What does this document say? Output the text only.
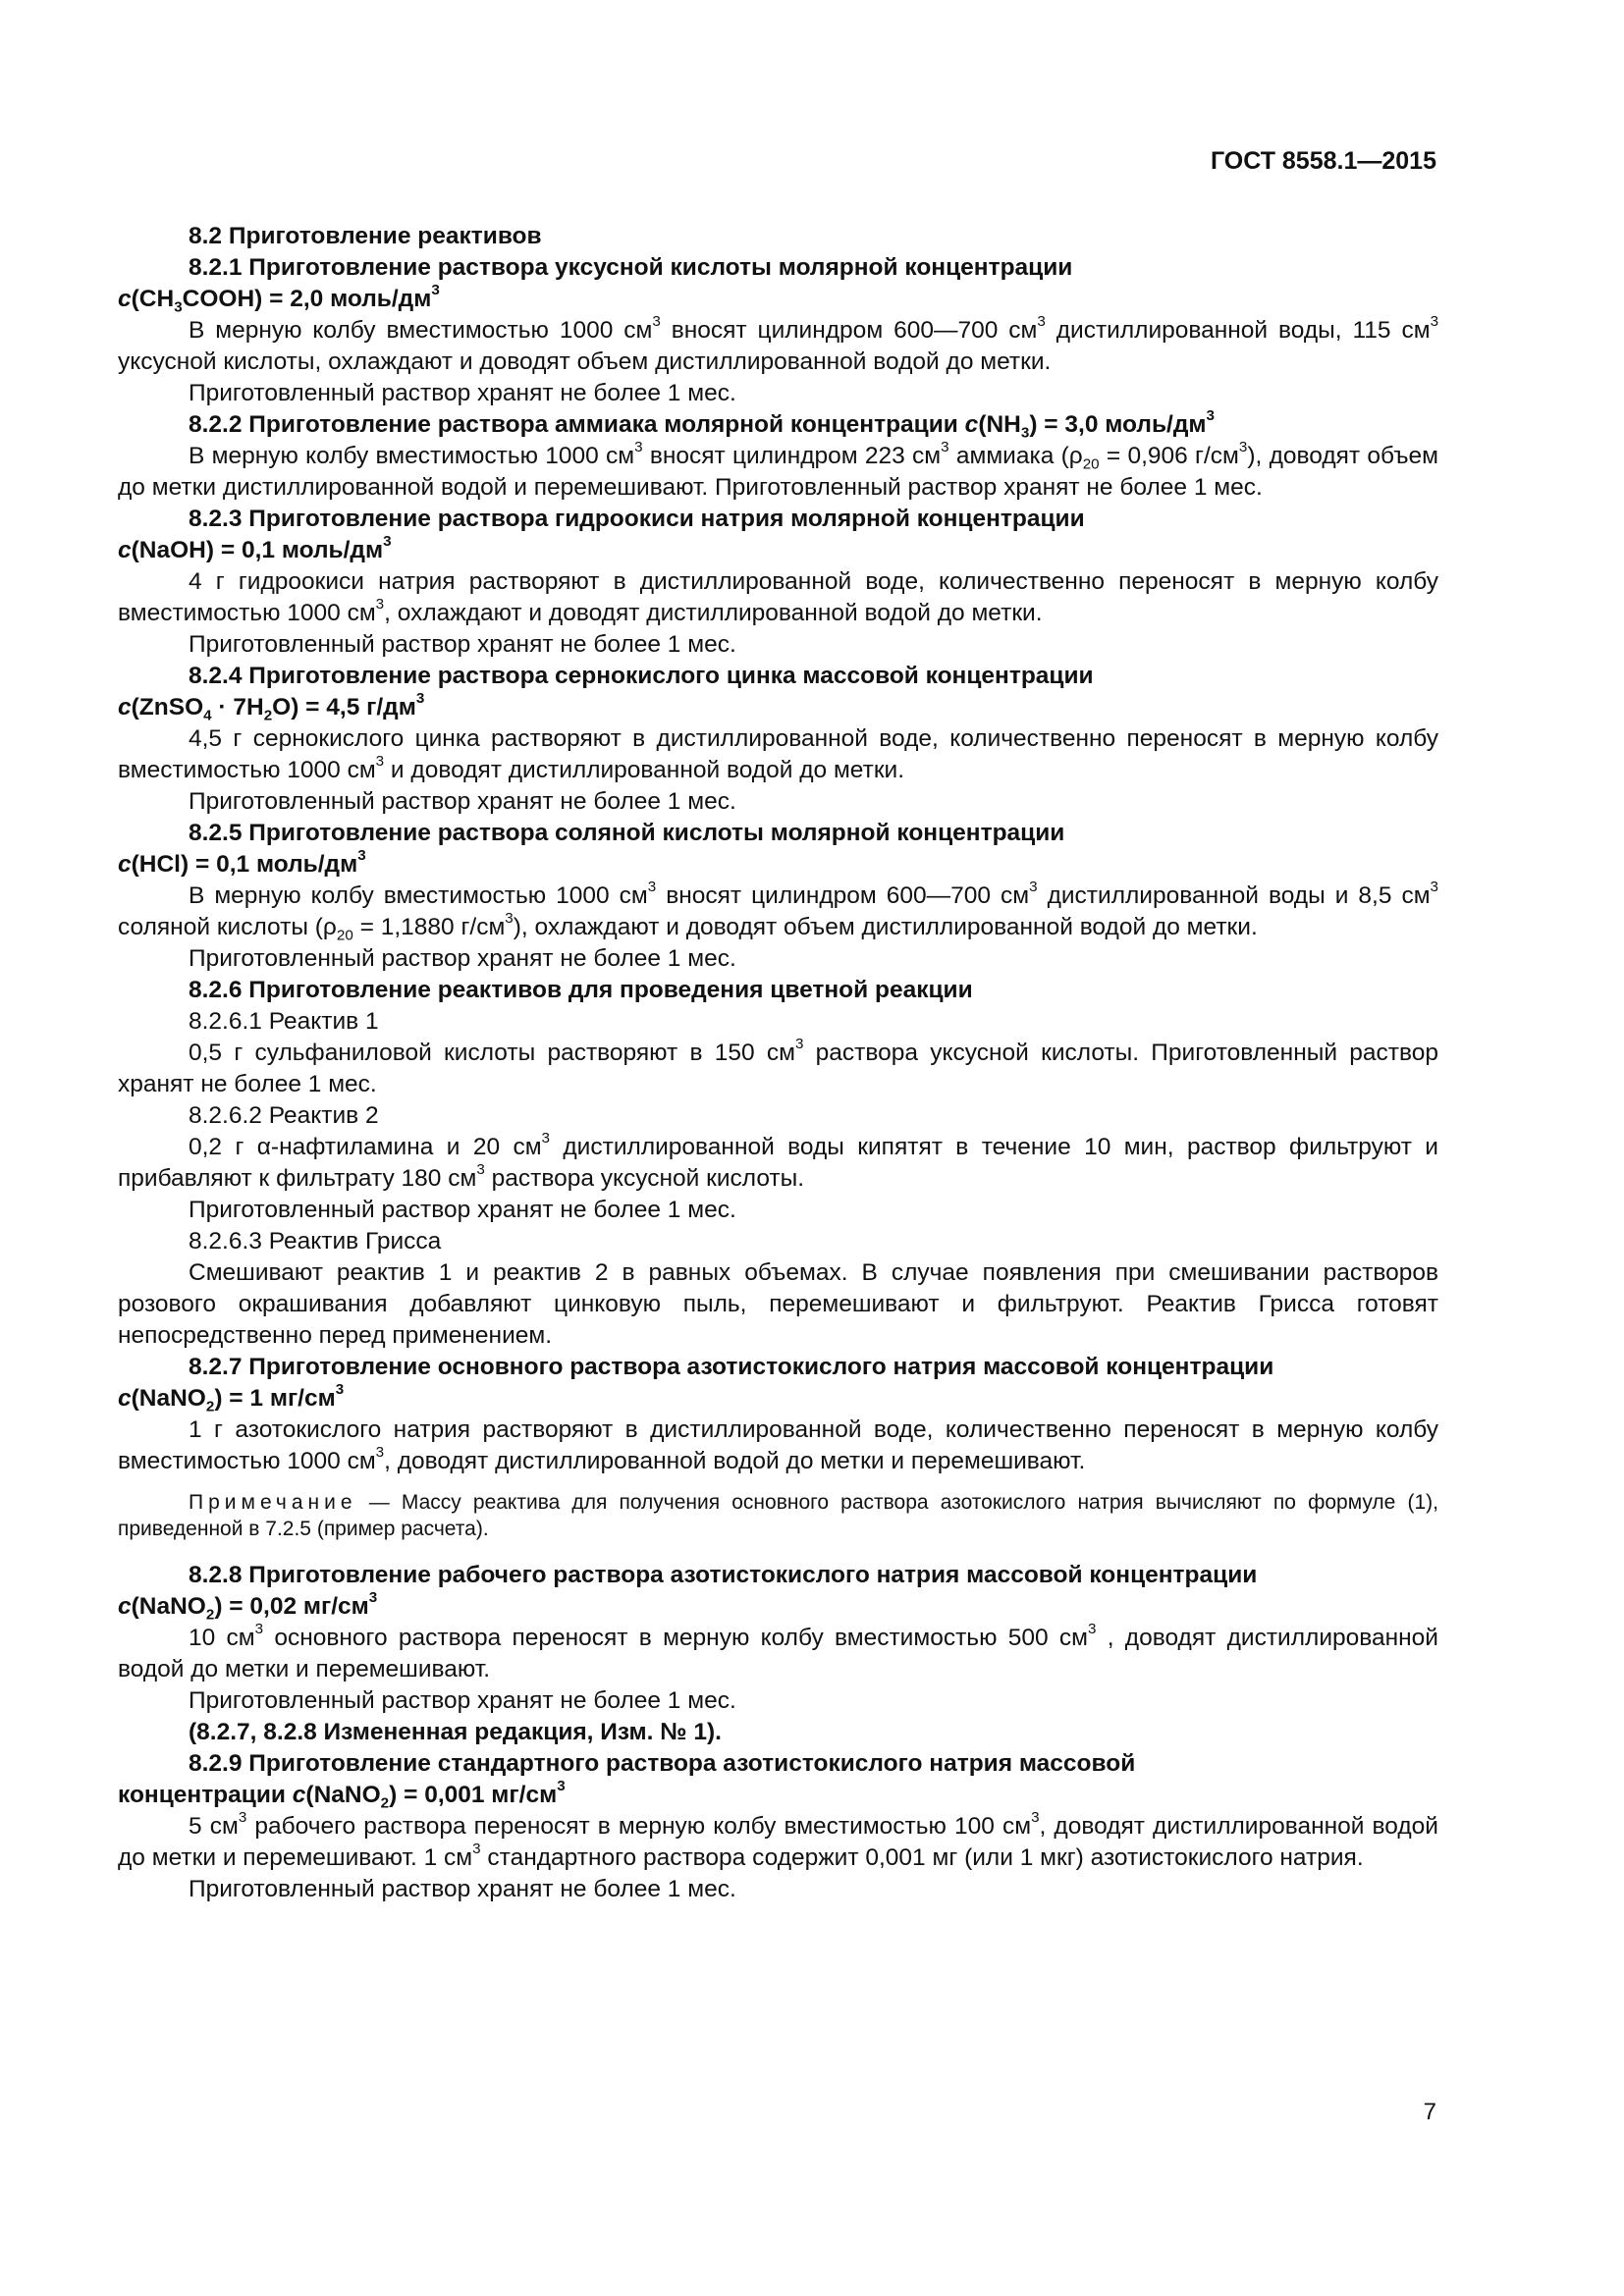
ГОСТ 8558.1—2015

8.2 Приготовление реактивов

8.2.1 Приготовление раствора уксусной кислоты молярной концентрации
$c(CH_3COOH) = 2,0$ моль/$дм^3$

В мерную колбу вместимостью 1000 $см^3$ вносят цилиндром 600—700 $см^3$ дистиллированной воды, 115 $см^3$ уксусной кислоты, охлаждают и доводят объем дистиллированной водой до метки.

Приготовленный раствор хранят не более 1 мес.

8.2.2 Приготовление раствора аммиака молярной концентрации $c(NH_3) = 3,0$ моль/$дм^3$

В мерную колбу вместимостью 1000 $см^3$ вносят цилиндром 223 $см^3$ аммиака ($\rho_{20} = 0,906$ $г/см^3$), доводят объем до метки дистиллированной водой и перемешивают. Приготовленный раствор хранят не более 1 мес.

8.2.3 Приготовление раствора гидроокиси натрия молярной концентрации
c(NaOH) = 0,1 моль/$дм^3$

4 г гидроокиси натрия растворяют в дистиллированной воде, количественно переносят в мерную колбу вместимостью 1000 $см^3$, охлаждают и доводят дистиллированной водой до метки.

Приготовленный раствор хранят не более 1 мес.

8.2.4 Приготовление раствора сернокислого цинка массовой концентрации
c(ZnSO$_4$ · $7H_2O) = 4,5$ $г/дм^3$

4,5 г сернокислого цинка растворяют в дистиллированной воде, количественно переносят в мерную колбу вместимостью 1000 $см^3$ и доводят дистиллированной водой до метки.

Приготовленный раствор хранят не более 1 мес.

8.2.5 Приготовление раствора соляной кислоты молярной концентрации
c(HCl) = 0,1 моль/$дм^3$

В мерную колбу вместимостью 1000 $см^3$ вносят цилиндром 600—700 $см^3$ дистиллированной воды и 8,5 $см^3$ соляной кислоты ($\rho_{20} = 1,1880$ $г/см^3$), охлаждают и доводят объем дистиллированной водой до метки.

Приготовленный раствор хранят не более 1 мес.

8.2.6 Приготовление реактивов для проведения цветной реакции

8.2.6.1 Реактив 1

0,5 г сульфаниловой кислоты растворяют в 150 $см^3$ раствора уксусной кислоты. Приготовленный раствор хранят не более 1 мес.

8.2.6.2 Реактив 2

0,2 г α-нафтиламина и 20 $см^3$ дистиллированной воды кипятят в течение 10 мин, раствор фильтруют и прибавляют к фильтрату 180 $см^3$ раствора уксусной кислоты.

Приготовленный раствор хранят не более 1 мес.

8.2.6.3 Реактив Грисса

Смешивают реактив 1 и реактив 2 в равных объемах. В случае появления при смешивании растворов розового окрашивания добавляют цинковую пыль, перемешивают и фильтруют. Реактив Грисса готовят непосредственно перед применением.

8.2.7 Приготовление основного раствора азотистокислого натрия массовой концентрации
c(NaNO$_2$) = 1 $мг/см^3$

1 г азотокислого натрия растворяют в дистиллированной воде, количественно переносят в мерную колбу вместимостью 1000 $см^3$, доводят дистиллированной водой до метки и перемешивают.

Примечание — Массу реактива для получения основного раствора азотокислого натрия вычисляют по формуле (1), приведенной в 7.2.5 (пример расчета).

8.2.8 Приготовление рабочего раствора азотистокислого натрия массовой концентрации
c(NaNO$_2$) = 0,02 $мг/см^3$

10 $см^3$ основного раствора переносят в мерную колбу вместимостью 500 $см^3$ , доводят дистиллированной водой до метки и перемешивают.

Приготовленный раствор хранят не более 1 мес.

(8.2.7, 8.2.8 Измененная редакция, Изм. № 1).

8.2.9 Приготовление стандартного раствора азотистокислого натрия массовой
концентрации c(NaNO$_2$) = 0,001 $мг/см^3$

5 $см^3$ рабочего раствора переносят в мерную колбу вместимостью 100 $см^3$, доводят дистиллированной водой до метки и перемешивают. 1 $см^3$ стандартного раствора содержит 0,001 мг (или 1 мкг) азотистокислого натрия.

Приготовленный раствор хранят не более 1 мес.

7
